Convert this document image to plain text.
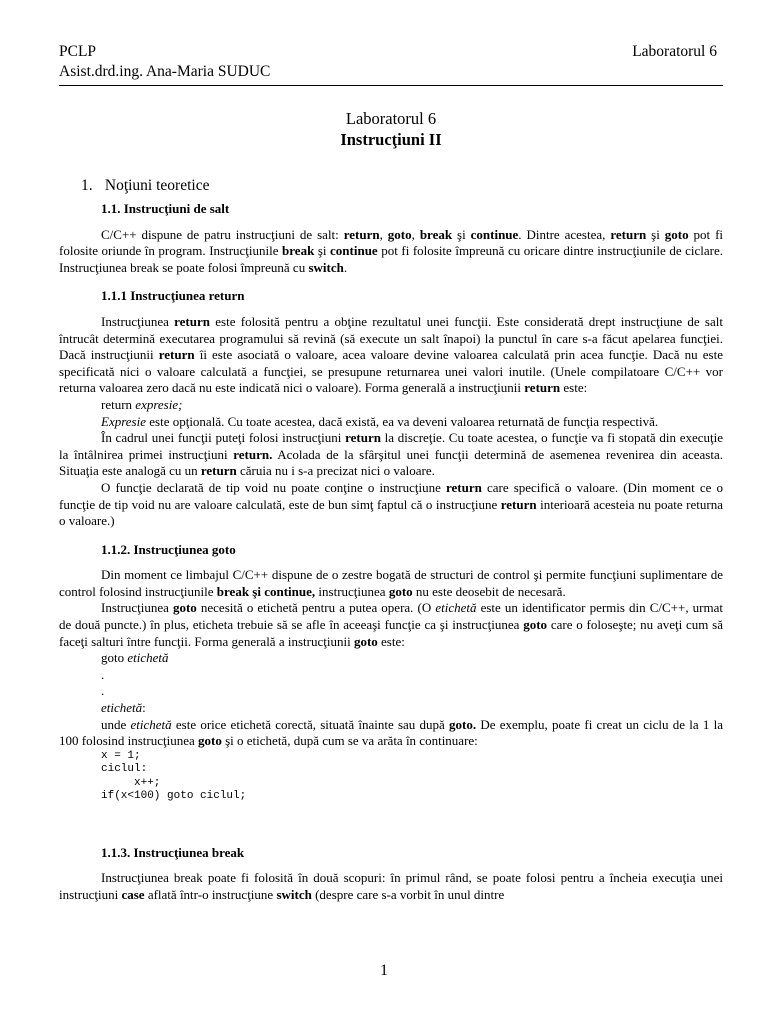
PCLP	Laboratorul 6
Asist.drd.ing. Ana-Maria SUDUC
Laboratorul 6
Instrucţiuni II
1. Noţiuni teoretice
1.1. Instrucţiuni de salt

C/C++ dispune de patru instrucţiuni de salt: return, goto, break şi continue. Dintre acestea, return şi goto pot fi folosite oriunde în program. Instrucţiunile break şi continue pot fi folosite împreună cu oricare dintre instrucţiunile de ciclare. Instrucţiunea break se poate folosi împreună cu switch.

1.1.1 Instrucţiunea return

Instrucţiunea return este folosită pentru a obţine rezultatul unei funcţii. Este considerată drept instrucţiune de salt întrucât determină executarea programului să revină (să execute un salt înapoi) la punctul în care s-a făcut apelarea funcţiei. Dacă instrucţiunii return îi este asociată o valoare, acea valoare devine valoarea calculată prin acea funcţie. Dacă nu este specificată nici o valoare calculată a funcţiei, se presupune returnarea unei valori inutile. (Unele compilatoare C/C++ vor returna valoarea zero dacă nu este indicată nici o valoare). Forma generală a instrucţiunii return este:

return expresie;

Expresie este opţională. Cu toate acestea, dacă există, ea va deveni valoarea returnată de funcţia respectivă.

În cadrul unei funcţii puteţi folosi instrucţiuni return la discreţie. Cu toate acestea, o funcţie va fi stopată din execuţie la întâlnirea primei instrucţiuni return. Acolada de la sfârşitul unei funcţii determină de asemenea revenirea din aceasta. Situaţia este analogă cu un return căruia nu i s-a precizat nici o valoare.

O funcţie declarată de tip void nu poate conţine o instrucţiune return care specifică o valoare. (Din moment ce o funcţie de tip void nu are valoare calculată, este de bun simţ faptul că o instrucţiune return interioară acesteia nu poate returna o valoare.)

1.1.2. Instrucţiunea goto

Din moment ce limbajul C/C++ dispune de o zestre bogată de structuri de control şi permite funcţiuni suplimentare de control folosind instrucţiunile break şi continue, instrucţiunea goto nu este deosebit de necesară.

Instrucţiunea goto necesită o etichetă pentru a putea opera. (O etichetă este un identificator permis din C/C++, urmat de două puncte.) în plus, eticheta trebuie să se afle în aceeaşi funcţie ca şi instrucţiunea goto care o foloseşte; nu aveţi cum să faceţi salturi între funcţii. Forma generală a instrucţiunii goto este:

goto etichetă

.

.

etichetă:

unde etichetă este orice etichetă corectă, situată înainte sau după goto. De exemplu, poate fi creat un ciclu de la 1 la 100 folosind instrucţiunea goto şi o etichetă, după cum se va arăta în continuare:

x = 1;
ciclul:
x++;
if(x<100) goto ciclul;
1.1.3. Instrucţiunea break

Instrucţiunea break poate fi folosită în două scopuri: în primul rând, se poate folosi pentru a încheia execuţia unei instrucţiuni case aflată într-o instrucţiune switch (despre care s-a vorbit în unul dintre

1
